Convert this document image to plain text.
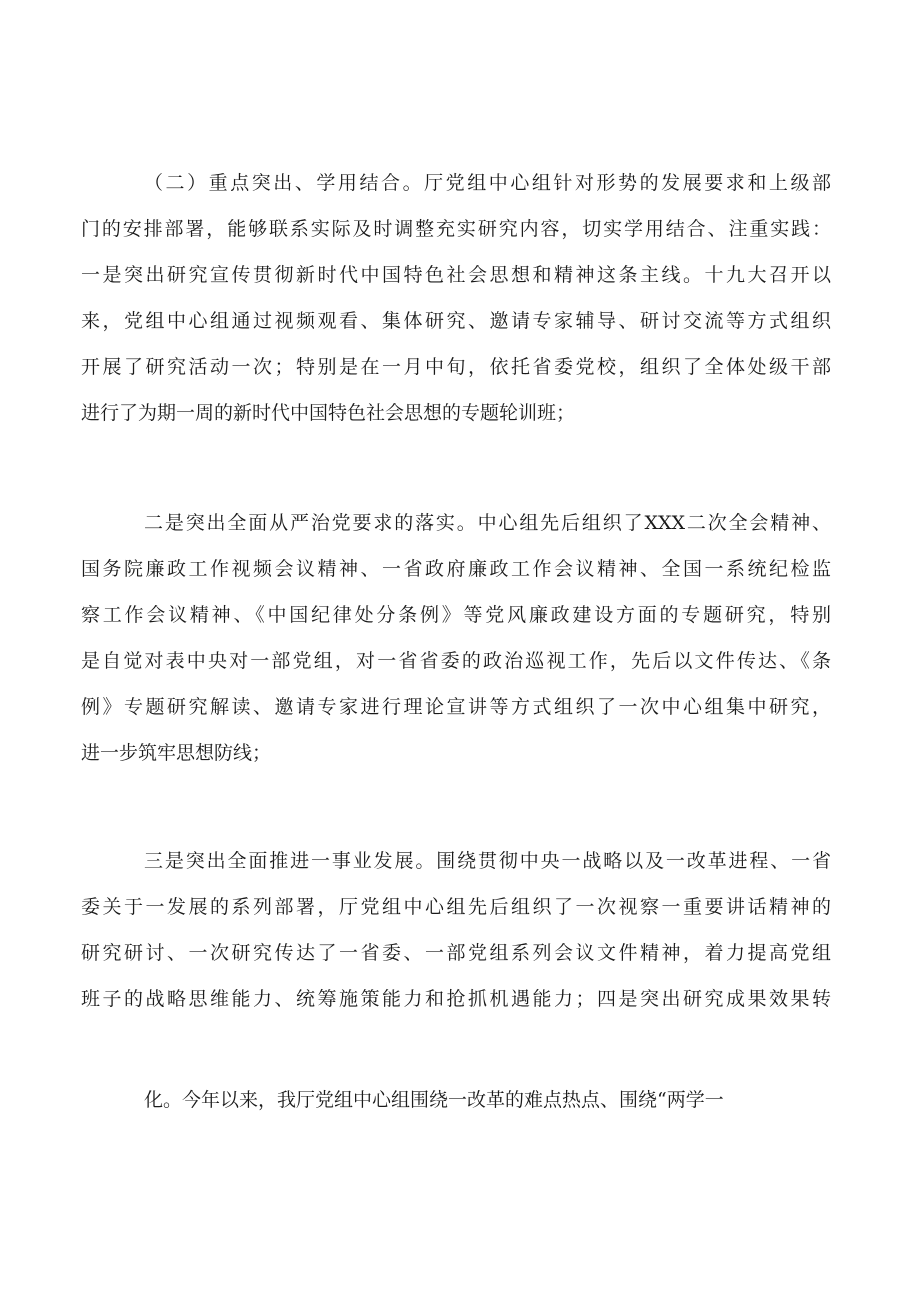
（二）重点突出、学用结合。厅党组中心组针对形势的发展要求和上级部
门的安排部署，能够联系实际及时调整充实研究内容，切实学用结合、注重实践：
一是突出研究宣传贯彻新时代中国特色社会思想和精神这条主线。十九大召开以
来，党组中心组通过视频观看、集体研究、邀请专家辅导、研讨交流等方式组织
开展了研究活动一次；特别是在一月中旬，依托省委党校，组织了全体处级干部
进行了为期一周的新时代中国特色社会思想的专题轮训班；
二是突出全面从严治党要求的落实。中心组先后组织了XXX二次全会精神、
国务院廉政工作视频会议精神、一省政府廉政工作会议精神、全国一系统纪检监
察工作会议精神、《中国纪律处分条例》等党风廉政建设方面的专题研究，特别
是自觉对表中央对一部党组，对一省省委的政治巡视工作，先后以文件传达、《条
例》专题研究解读、邀请专家进行理论宣讲等方式组织了一次中心组集中研究，
进一步筑牢思想防线；
三是突出全面推进一事业发展。围绕贯彻中央一战略以及一改革进程、一省
委关于一发展的系列部署，厅党组中心组先后组织了一次视察一重要讲话精神的
研究研讨、一次研究传达了一省委、一部党组系列会议文件精神，着力提高党组
班子的战略思维能力、统筹施策能力和抢抓机遇能力；四是突出研究成果效果转
化。今年以来，我厅党组中心组围绕一改革的难点热点、围绕“两学一
